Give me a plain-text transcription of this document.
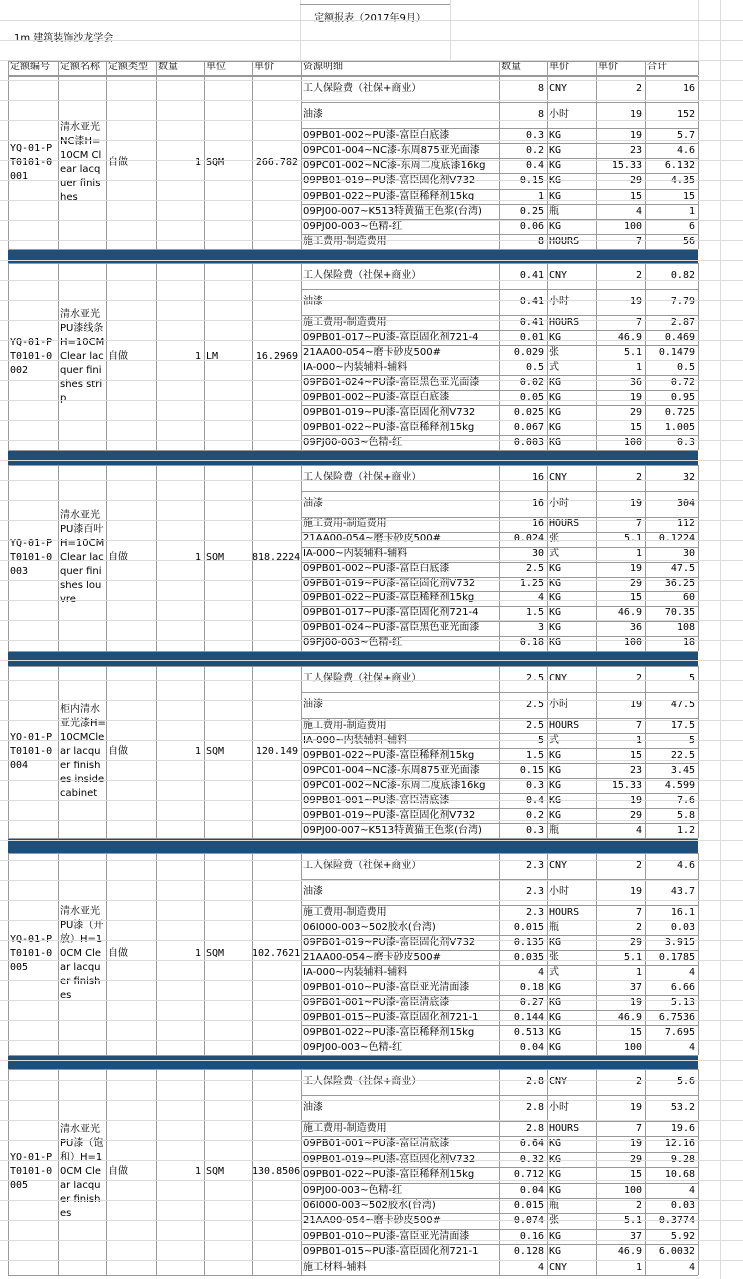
定额报表（2017年9月）
1m 建筑装饰沙龙学会
定额编号	定额名称 定额类型	数量	单位	单价	资源明细	数量	单价	单价	合计
YQ-01-PT0101-0001
清水亚光NC漆H=10CM Clear lacquer finishes
自做	1 SQM	266.782
工人保险费（社保+商业）	8 CNY	2	16
油漆	8 小时	19	152
09PB01-002~PU漆-富臣白底漆	0.3 KG	19	5.7
09PC01-004~NC漆-东周875亚光面漆	0.2 KG	23	4.6
09PC01-002~NC漆-东周二度底漆16kg	0.4 KG	15.33	6.132
09PB01-019~PU漆-富臣固化剂V732	0.15 KG	29	4.35
09PB01-022~PU漆-富臣稀释剂15kg	1 KG	15	15
09PJ00-007~K513特黄猫王色浆(台湾)	0.25 瓶	4	1
09PJ00-003~色精-红	0.06 KG	100	6
施工费用-制造费用	8 HOURS	7	56
YQ-01-PT0101-0002
清水亚光PU漆线条H=10CM Clear lacquer finishes strip
自做	1 LM	16.2969
工人保险费（社保+商业）	0.41 CNY	2	0.82
油漆	0.41 小时	19	7.79
施工费用-制造费用	0.41 HOURS	7	2.87
09PB01-017~PU漆-富臣固化剂721-4	0.01 KG	46.9	0.469
21AA00-054~磨卡砂皮500#	0.029 张	5.1	0.1479
IA-000~内装辅料-辅料	0.5 式	1	0.5
09PB01-024~PU漆-富臣黑色亚光面漆	0.02 KG	36	0.72
09PB01-002~PU漆-富臣白底漆	0.05 KG	19	0.95
09PB01-019~PU漆-富臣固化剂V732	0.025 KG	29	0.725
09PB01-022~PU漆-富臣稀释剂15kg	0.067 KG	15	1.005
09PJ00-003~色精-红	0.003 KG	100	0.3
YQ-01-PT0101-0003
清水亚光PU漆百叶H=10CM Clear lacquer finishes louvre
自做	1 SQM	818.2224
工人保险费（社保+商业）	16 CNY	2	32
油漆	16 小时	19	304
施工费用-制造费用	16 HOURS	7	112
21AA00-054~磨卡砂皮500#	0.024 张	5.1	0.1224
IA-000~内装辅料-辅料	30 式	1	30
09PB01-002~PU漆-富臣白底漆	2.5 KG	19	47.5
09PB01-019~PU漆-富臣固化剂V732	1.25 KG	29	36.25
09PB01-022~PU漆-富臣稀释剂15kg	4 KG	15	60
09PB01-017~PU漆-富臣固化剂721-4	1.5 KG	46.9	70.35
09PB01-024~PU漆-富臣黑色亚光面漆	3 KG	36	108
09PJ00-003~色精-红	0.18 KG	100	18
YQ-01-PT0101-0004
柜内清水亚光漆H=10CMClear lacquer finishes inside cabinet
自做	1 SQM	120.149
工人保险费（社保+商业）	2.5 CNY	2	5
油漆	2.5 小时	19	47.5
施工费用-制造费用	2.5 HOURS	7	17.5
IA-000~内装辅料-辅料	5 式	1	5
09PB01-022~PU漆-富臣稀释剂15kg	1.5 KG	15	22.5
09PC01-004~NC漆-东周875亚光面漆	0.15 KG	23	3.45
09PC01-002~NC漆-东周二度底漆16kg	0.3 KG	15.33	4.599
09PB01-001~PU漆-富臣清底漆	0.4 KG	19	7.6
09PB01-019~PU漆-富臣固化剂V732	0.2 KG	29	5.8
09PJ00-007~K513特黄猫王色浆(台湾)	0.3 瓶	4	1.2
YQ-01-PT0101-0005
清水亚光PU漆（开放）H=10CM Clear lacquer finishes
自做	1 SQM	102.7621
工人保险费（社保+商业）	2.3 CNY	2	4.6
油漆	2.3 小时	19	43.7
施工费用-制造费用	2.3 HOURS	7	16.1
06I000-003~502胶水(台湾)	0.015 瓶	2	0.03
09PB01-019~PU漆-富臣固化剂V732	0.135 KG	29	3.915
21AA00-054~磨卡砂皮500#	0.035 张	5.1	0.1785
IA-000~内装辅料-辅料	4 式	1	4
09PB01-010~PU漆-富臣亚光清面漆	0.18 KG	37	6.66
09PB01-001~PU漆-富臣清底漆	0.27 KG	19	5.13
09PB01-015~PU漆-富臣固化剂721-1	0.144 KG	46.9	6.7536
09PB01-022~PU漆-富臣稀释剂15kg	0.513 KG	15	7.695
09PJ00-003~色精-红	0.04 KG	100	4
YQ-01-PT0101-0005
清水亚光PU漆（饱和）H=10CM Clear lacquer finishes
自做	1 SQM	130.8506
工人保险费（社保+商业）	2.8 CNY	2	5.6
油漆	2.8 小时	19	53.2
施工费用-制造费用	2.8 HOURS	7	19.6
09PB01-001~PU漆-富臣清底漆	0.64 KG	19	12.16
09PB01-019~PU漆-富臣固化剂V732	0.32 KG	29	9.28
09PB01-022~PU漆-富臣稀释剂15kg	0.712 KG	15	10.68
09PJ00-003~色精-红	0.04 KG	100	4
06I000-003~502胶水(台湾)	0.015 瓶	2	0.03
21AA00-054~磨卡砂皮500#	0.074 张	5.1	0.3774
09PB01-010~PU漆-富臣亚光清面漆	0.16 KG	37	5.92
09PB01-015~PU漆-富臣固化剂721-1	0.128 KG	46.9	6.0032
施工材料-辅料	4 CNY	1	4
